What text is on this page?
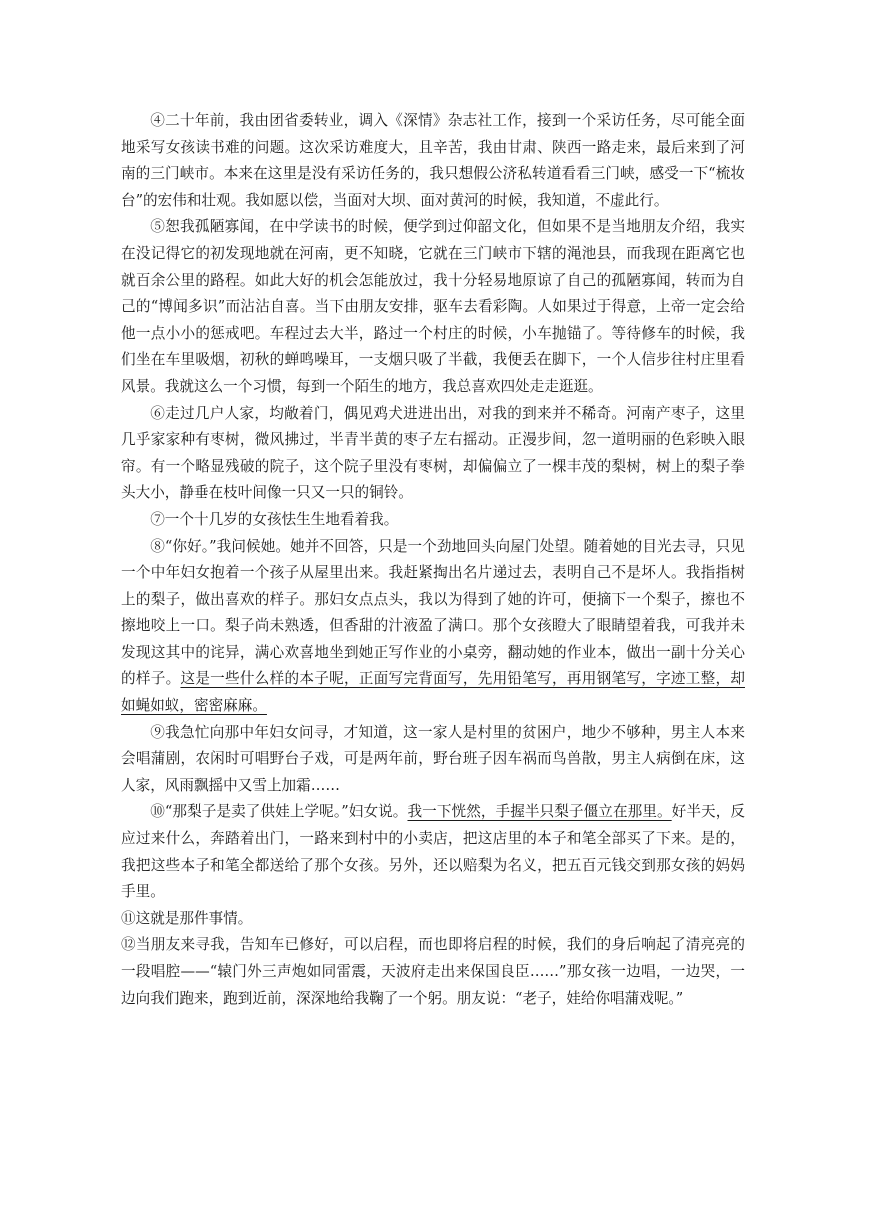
④二十年前，我由团省委转业，调入《深情》杂志社工作，接到一个采访任务，尽可能全面地采写女孩读书难的问题。这次采访难度大，且辛苦，我由甘肃、陕西一路走来，最后来到了河南的三门峡市。本来在这里是没有采访任务的，我只想假公济私转道看看三门峡，感受一下“梳妆台”的宏伟和壮观。我如愿以偿，当面对大坝、面对黄河的时候，我知道，不虚此行。

⑤恕我孤陋寡闻，在中学读书的时候，便学到过仰韶文化，但如果不是当地朋友介绍，我实在没记得它的初发现地就在河南，更不知晓，它就在三门峡市下辖的渑池县，而我现在距离它也就百余公里的路程。如此大好的机会怎能放过，我十分轻易地原谅了自己的孤陋寡闻，转而为自己的“博闻多识”而沾沾自喜。当下由朋友安排，驱车去看彩陶。人如果过于得意，上帝一定会给他一点小小的惩戒吧。车程过去大半，路过一个村庄的时候，小车抛锚了。等待修车的时候，我们坐在车里吸烟，初秋的蝉鸣噪耳，一支烟只吸了半截，我便丢在脚下，一个人信步往村庄里看风景。我就这么一个习惯，每到一个陌生的地方，我总喜欢四处走走逛逛。

⑥走过几户人家，均敞着门，偶见鸡犬进进出出，对我的到来并不稀奇。河南产枣子，这里几乎家家种有枣树，微风拂过，半青半黄的枣子左右摇动。正漫步间，忽一道明丽的色彩映入眼帘。有一个略显残破的院子，这个院子里没有枣树，却偏偏立了一棵丰茂的梨树，树上的梨子拳头大小，静垂在枝叶间像一只又一只的铜铃。

⑦一个十几岁的女孩怯生生地看着我。

⑧“你好。”我问候她。她并不回答，只是一个劲地回头向屋门处望。随着她的目光去寻，只见一个中年妇女抱着一个孩子从屋里出来。我赶紧掏出名片递过去，表明自己不是坏人。我指指树上的梨子，做出喜欢的样子。那妇女点点头，我以为得到了她的许可，便摘下一个梨子，擦也不擦地咬上一口。梨子尚未熟透，但香甜的汁液盈了满口。那个女孩瞪大了眼睛望着我，可我并未发现这其中的诧异，满心欢喜地坐到她正写作业的小桌旁，翻动她的作业本，做出一副十分关心的样子。这是一些什么样的本子呢，正面写完背面写，先用铅笔写，再用钢笔写，字迹工整，却如蝇如蚁，密密麻麻。

⑨我急忙向那中年妇女问寻，才知道，这一家人是村里的贫困户，地少不够种，男主人本来会唱蒲剧，农闲时可唱野台子戏，可是两年前，野台班子因车祸而鸟兽散，男主人病倒在床，这人家，风雨飘摇中又雪上加霜……

⑩“那梨子是卖了供娃上学呢。”妇女说。我一下恍然，手握半只梨子僵立在那里。好半天，反应过来什么，奔踏着出门，一路来到村中的小卖店，把这店里的本子和笔全部买了下来。是的，我把这些本子和笔全都送给了那个女孩。另外，还以赔梨为名义，把五百元钱交到那女孩的妈妈手里。

⑪这就是那件事情。

⑫当朋友来寻我，告知车已修好，可以启程，而也即将启程的时候，我们的身后响起了清亮亮的一段唱腔——“辕门外三声炮如同雷震，天波府走出来保国良臣……”那女孩一边唱，一边哭，一边向我们跑来，跑到近前，深深地给我鞠了一个躬。朋友说：“老子，娃给你唱蒲戏呢。”
